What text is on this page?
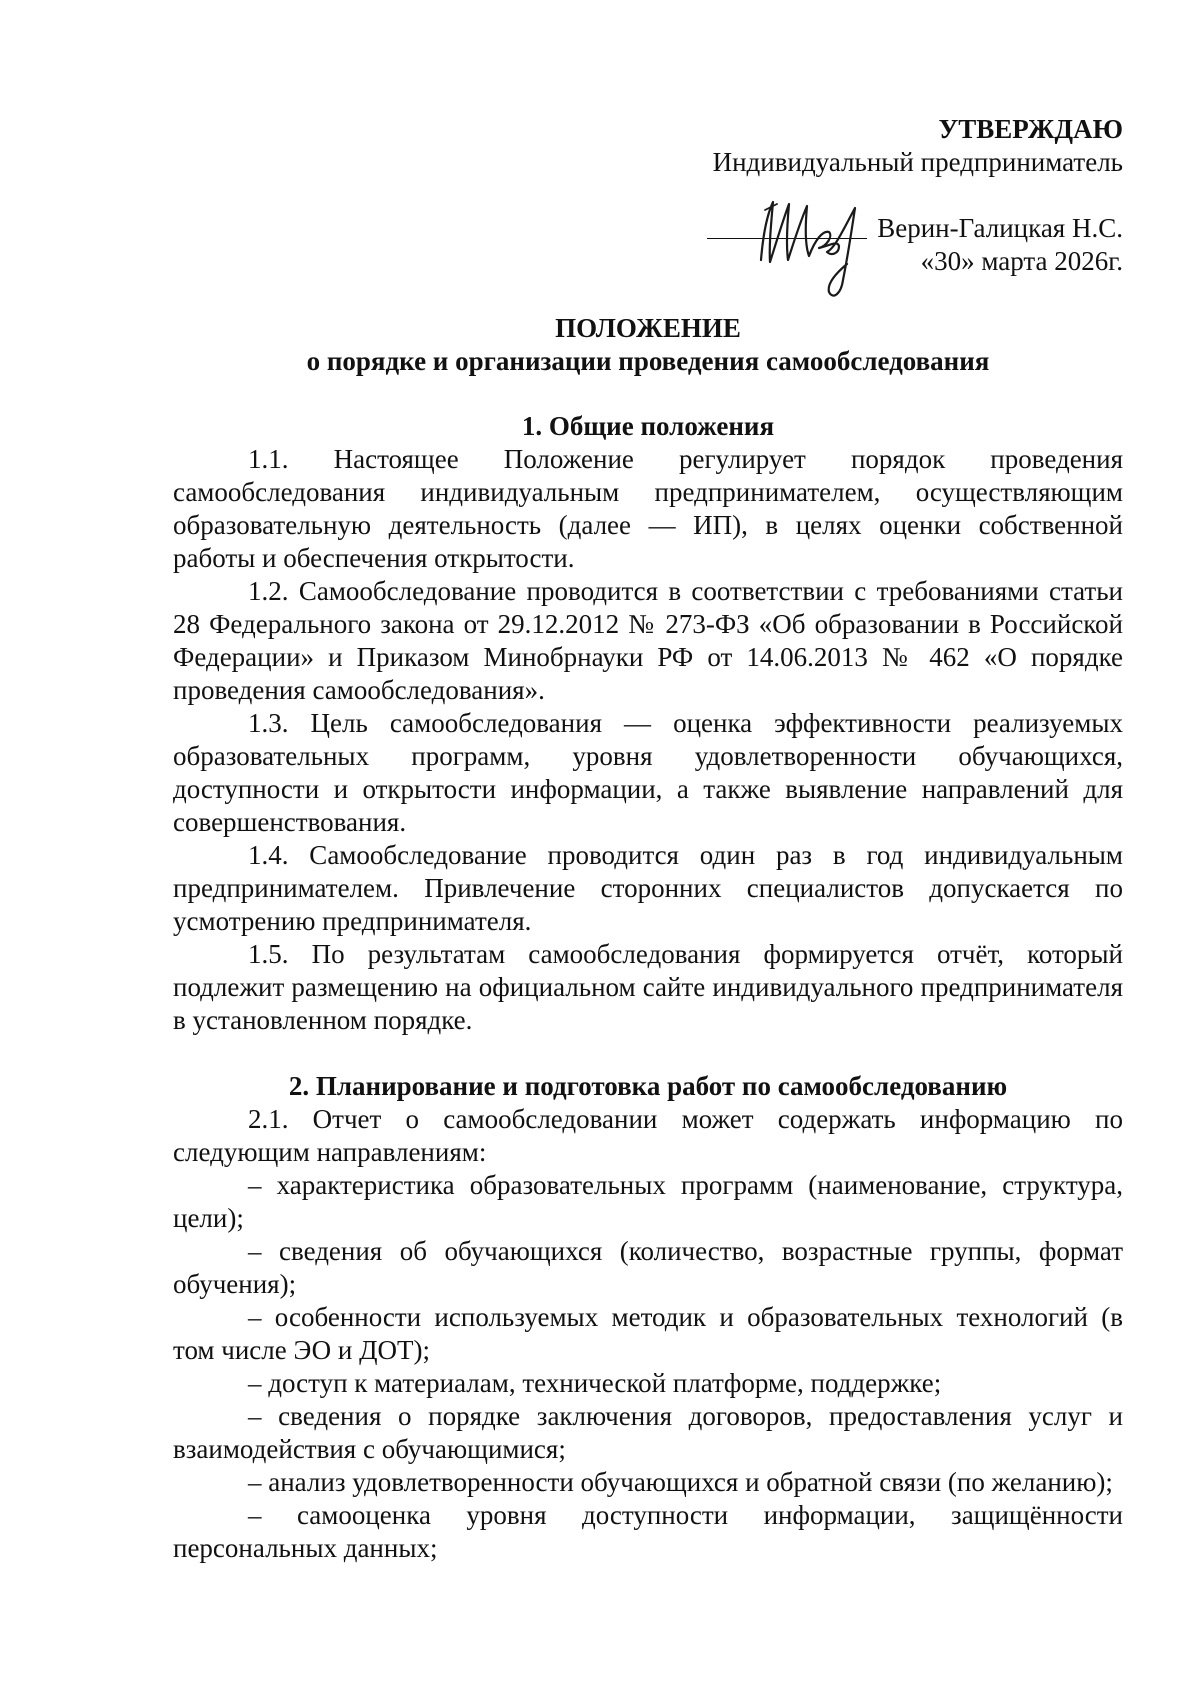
УТВЕРЖДАЮ
Индивидуальный предприниматель
Верин-Галицкая Н.С.
«30» марта 2026г.
ПОЛОЖЕНИЕ
о порядке и организации проведения самообследования
1. Общие положения

1.1. Настоящее Положение регулирует порядок проведения самообследования индивидуальным предпринимателем, осуществляющим образовательную деятельность (далее — ИП), в целях оценки собственной работы и обеспечения открытости.

1.2. Самообследование проводится в соответствии с требованиями статьи 28 Федерального закона от 29.12.2012 № 273-ФЗ «Об образовании в Российской Федерации» и Приказом Минобрнауки РФ от 14.06.2013 № 462 «О порядке проведения самообследования».

1.3. Цель самообследования — оценка эффективности реализуемых образовательных программ, уровня удовлетворенности обучающихся, доступности и открытости информации, а также выявление направлений для совершенствования.

1.4. Самообследование проводится один раз в год индивидуальным предпринимателем. Привлечение сторонних специалистов допускается по усмотрению предпринимателя.

1.5. По результатам самообследования формируется отчёт, который подлежит размещению на официальном сайте индивидуального предпринимателя в установленном порядке.

2. Планирование и подготовка работ по самообследованию

2.1. Отчет о самообследовании может содержать информацию по следующим направлениям:

– характеристика образовательных программ (наименование, структура, цели);

– сведения об обучающихся (количество, возрастные группы, формат обучения);

– особенности используемых методик и образовательных технологий (в том числе ЭО и ДОТ);

– доступ к материалам, технической платформе, поддержке;

– сведения о порядке заключения договоров, предоставления услуг и взаимодействия с обучающимися;

– анализ удовлетворенности обучающихся и обратной связи (по желанию);

– самооценка уровня доступности информации, защищённости персональных данных;
